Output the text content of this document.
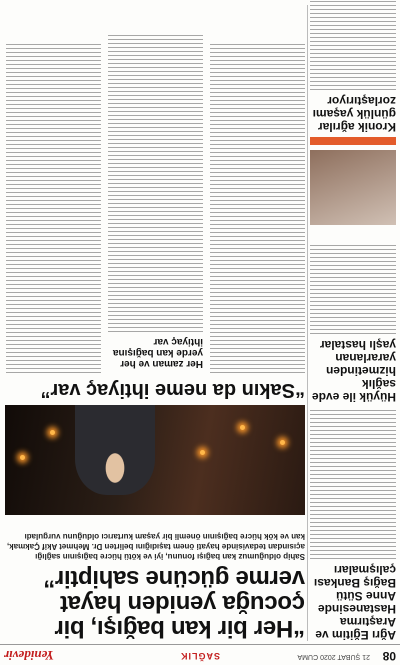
08
21 ŞUBAT 2020 CUMA
SAĞLIK
Yenidevir
“Her bir kan bağışı, bir çocuğa yeniden hayat verme gücüne sahiptir”
Sahip olduğumuz kan bağışı fonunu, iyi ve kötü hücre bağışının sağlığı açısından tedavisinde hayati önem taşıdığını belirten Dr. Mehmet Akif Çakmak, kan ve kök hücre bağışının önemli bir yaşam kurtarıcı olduğunu vurguladı
Ağrı Eğitim ve Araştırma Hastanesinde Anne Sütü Bağış Bankası çalışmaları
Hüyük ile evde sağlık hizmetinden yararlanan yaşlı hastalar
“Sakın da neme ihtiyaç var”
Her zaman ve her yerde kan bağışına ihtiyaç var
Kronik ağrılar günlük yaşamı zorlaştırıyor
